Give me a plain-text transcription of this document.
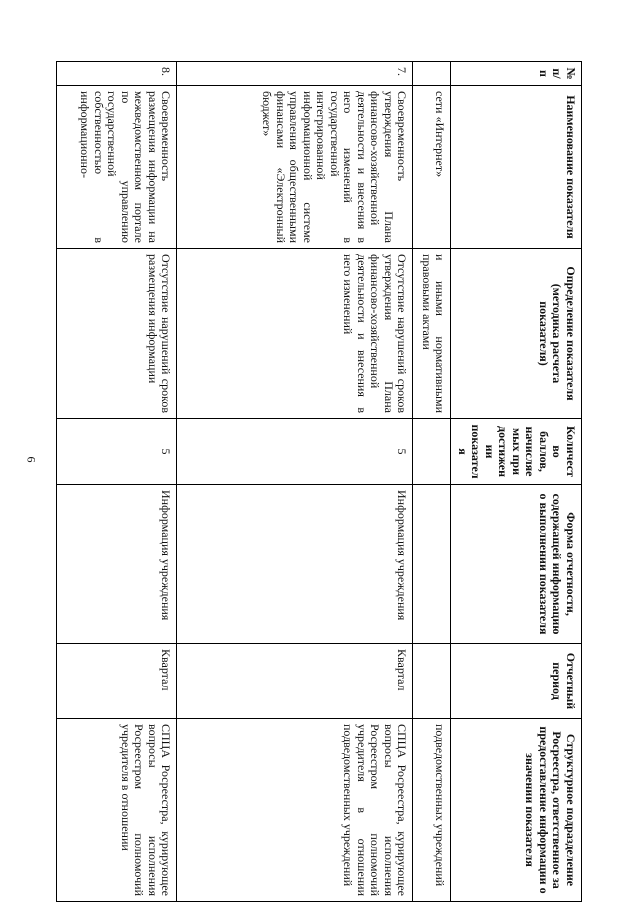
6
№ п/п	Наименование показателя	Определение показателя (методика расчета показателя)	Количество баллов, начисляемых при достижении показателя	Форма отчетности, содержащей информацию о выполнении показателя	Отчетный период	Структурное подразделение Росреестра, ответственное за предоставление информации о значении показателя
	сети «Интернет»	и иными нормативными правовыми актами				подведомственных учреждений
7.	Своевременность утверждения Плана финансово-хозяйственной деятельности и внесения в него изменений в государственной интегрированной информационной системе управления общественными финансами «Электронный бюджет»	Отсутствие нарушений сроков утверждения Плана финансово-хозяйственной деятельности и внесения в него изменений	5	Информация учреждения	Квартал	СПЦА Росреестра, курирующее вопросы исполнения Росреестром полномочий учредителя в отношении подведомственных учреждений
8.	Своевременность размещения информации на межведомственном портале по управлению государственной собственностью в информационно-	Отсутствие нарушений сроков размещения информации	5	Информация учреждения	Квартал	СПЦА Росреестра, курирующее вопросы исполнения Росреестром полномочий учредителя в отношении
